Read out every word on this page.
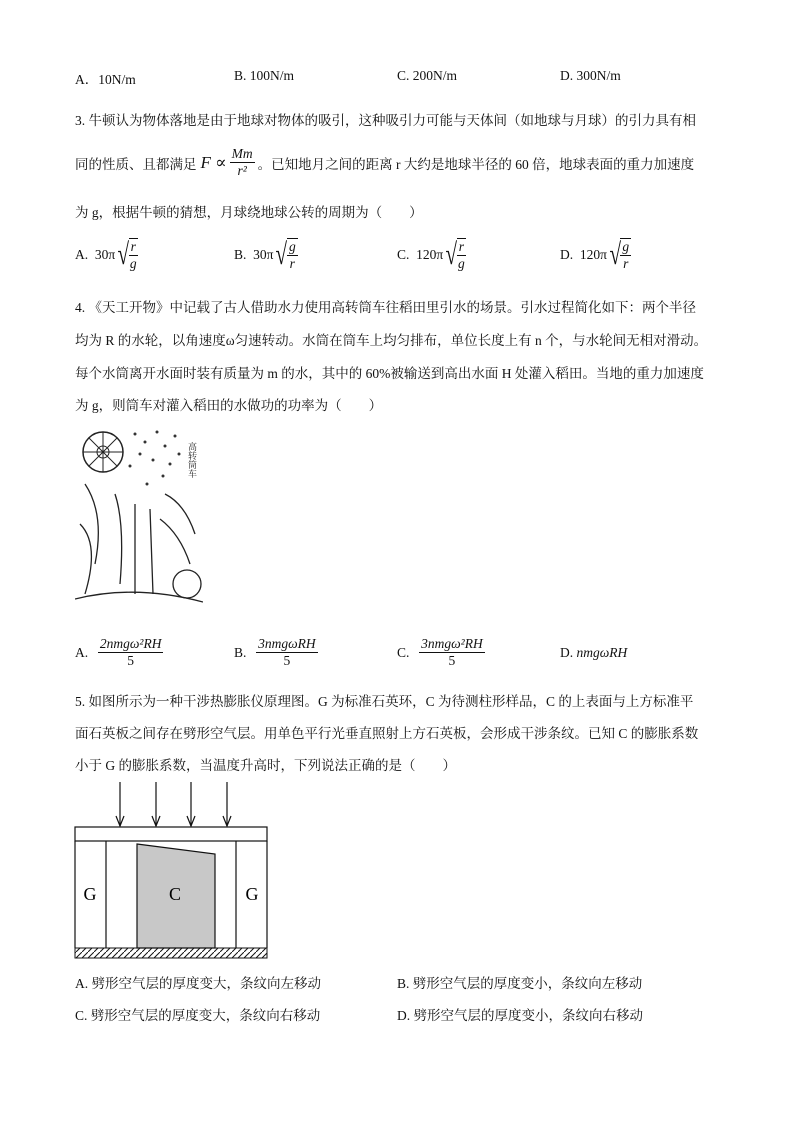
A．10N/m	B. 100N/m	C. 200N/m	D. 300N/m
3. 牛顿认为物体落地是由于地球对物体的吸引，这种吸引力可能与天体间（如地球与月球）的引力具有相
同的性质、且都满足 $F \propto \frac{Mm}{\text{r²}}$ 。已知地月之间的距离 r 大约是地球半径的 60 倍，地球表面的重力加速度
为 g，根据牛顿的猜想，月球绕地球公转的周期为（　　）
A.
30π √ $\frac{r}{g}$	B.
30π √ $\frac{g}{r}$	C.
120π √ $\frac{r}{g}$	D.
120π √ $\frac{g}{r}$
4. 《天工开物》中记载了古人借助水力使用高转筒车往稻田里引水的场景。引水过程简化如下：两个半径
均为 R 的水轮，以角速度ω匀速转动。水筒在筒车上均匀排布，单位长度上有 n 个，与水轮间无相对滑动。
每个水筒离开水面时装有质量为 m 的水，其中的 60%被输送到高出水面 H 处灌入稻田。当地的重力加速度
为 g，则筒车对灌入稻田的水做功的功率为（　　）
高转筒车
A.
$\frac{\text{2nmgω²RH}}{5}$	B.
$\frac{\text{3nmgωRH}}{5}$	C.
$\frac{\text{3nmgω²RH}}{5}$	D.
nmgωRH
5. 如图所示为一种干涉热膨胀仪原理图。G 为标准石英环，C 为待测柱形样品，C 的上表面与上方标准平
面石英板之间存在劈形空气层。用单色平行光垂直照射上方石英板，会形成干涉条纹。已知 C 的膨胀系数
小于 G 的膨胀系数，当温度升高时，下列说法正确的是（　　）
G	C	G
A. 劈形空气层的厚度变大，条纹向左移动	B. 劈形空气层的厚度变小，条纹向左移动
C. 劈形空气层的厚度变大，条纹向右移动	D. 劈形空气层的厚度变小，条纹向右移动
